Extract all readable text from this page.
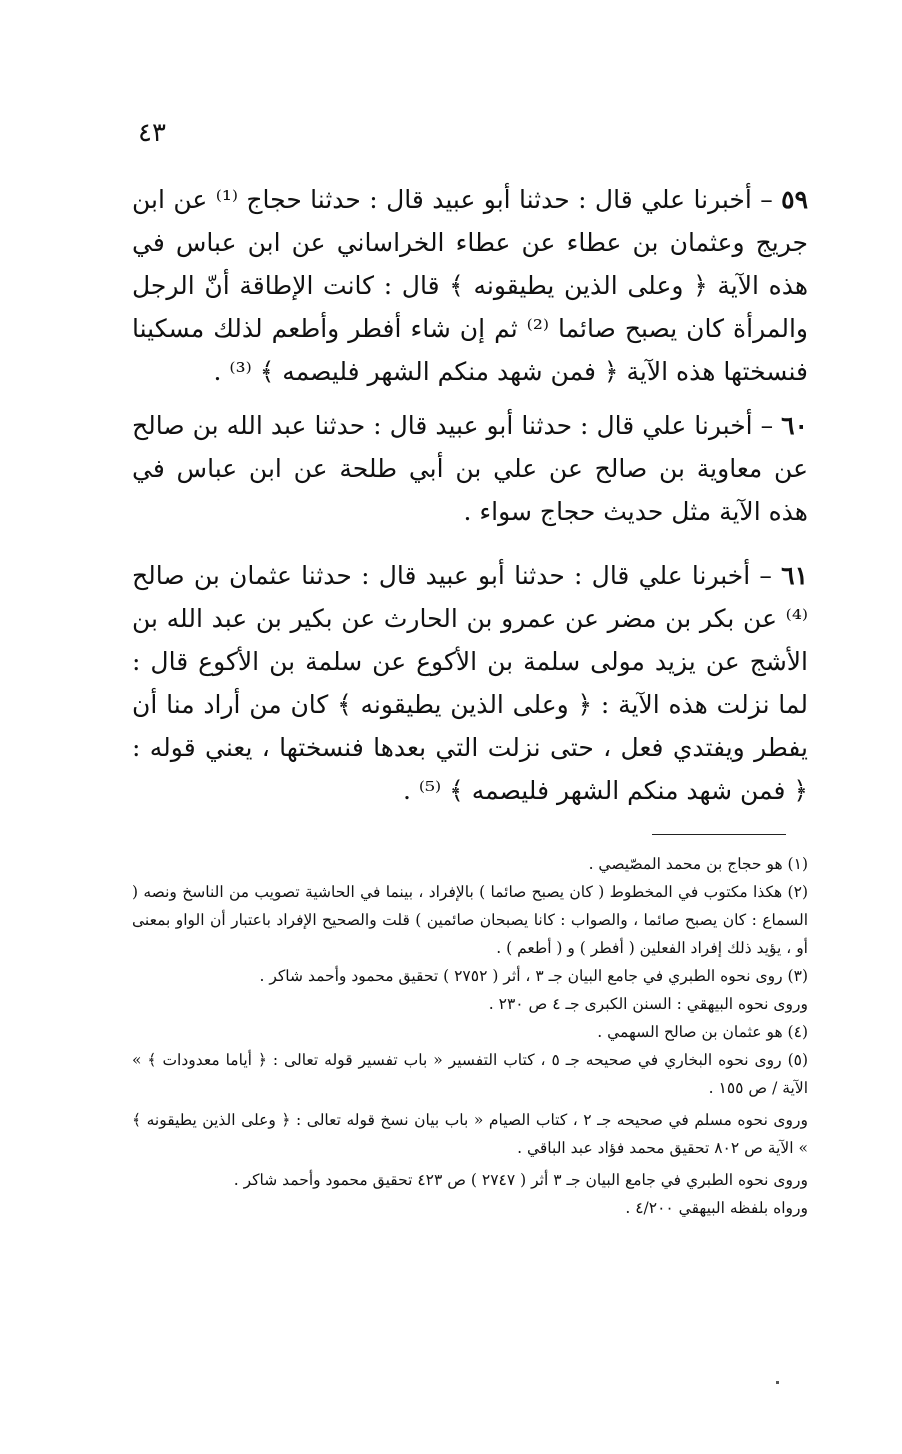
٤٣

٥٩ – أخبرنا علي قال : حدثنا أبو عبيد قال : حدثنا حجاج ⁽¹⁾ عن ابن جريج وعثمان بن عطاء عن عطاء الخراساني عن ابن عباس في هذه الآية ﴿ وعلى الذين يطيقونه ﴾ قال : كانت الإطاقة أنّ الرجل والمرأة كان يصبح صائما ⁽²⁾ ثم إن شاء أفطر وأطعم لذلك مسكينا فنسختها هذه الآية ﴿ فمن شهد منكم الشهر فليصمه ﴾ ⁽³⁾ .

٦٠ – أخبرنا علي قال : حدثنا أبو عبيد قال : حدثنا عبد الله بن صالح عن معاوية بن صالح عن علي بن أبي طلحة عن ابن عباس في هذه الآية مثل حديث حجاج سواء .

٦١ – أخبرنا علي قال : حدثنا أبو عبيد قال : حدثنا عثمان بن صالح ⁽⁴⁾ عن بكر بن مضر عن عمرو بن الحارث عن بكير بن عبد الله بن الأشج عن يزيد مولى سلمة بن الأكوع عن سلمة بن الأكوع قال : لما نزلت هذه الآية : ﴿ وعلى الذين يطيقونه ﴾ كان من أراد منا أن يفطر ويفتدي فعل ، حتى نزلت التي بعدها فنسختها ، يعني قوله : ﴿ فمن شهد منكم الشهر فليصمه ﴾ ⁽⁵⁾ .

(١) هو حجاج بن محمد المصّيصي .

(٢) هكذا مكتوب في المخطوط ( كان يصبح صائما ) بالإفراد ، بينما في الحاشية تصويب من الناسخ ونصه ( السماع : كان يصبح صائما ، والصواب : كانا يصبحان صائمين ) قلت والصحيح الإفراد باعتبار أن الواو بمعنى أو ، يؤيد ذلك إفراد الفعلين ( أفطر ) و ( أطعم ) .

(٣) روى نحوه الطبري في جامع البيان جـ ٣ ، أثر ( ٢٧٥٢ ) تحقيق محمود وأحمد شاكر .

وروى نحوه البيهقي : السنن الكبرى جـ ٤ ص ٢٣٠ .

(٤) هو عثمان بن صالح السهمي .

(٥) روى نحوه البخاري في صحيحه جـ ٥ ، كتاب التفسير « باب تفسير قوله تعالى : ﴿ أياما معدودات ﴾ » الآية / ص ١٥٥ .

وروى نحوه مسلم في صحيحه جـ ٢ ، كتاب الصيام « باب بيان نسخ قوله تعالى : ﴿ وعلى الذين يطيقونه ﴾ » الآية ص ٨٠٢ تحقيق محمد فؤاد عبد الباقي .

وروى نحوه الطبري في جامع البيان جـ ٣ أثر ( ٢٧٤٧ ) ص ٤٢٣ تحقيق محمود وأحمد شاكر .

ورواه بلفظه البيهقي ٤/٢٠٠ .
